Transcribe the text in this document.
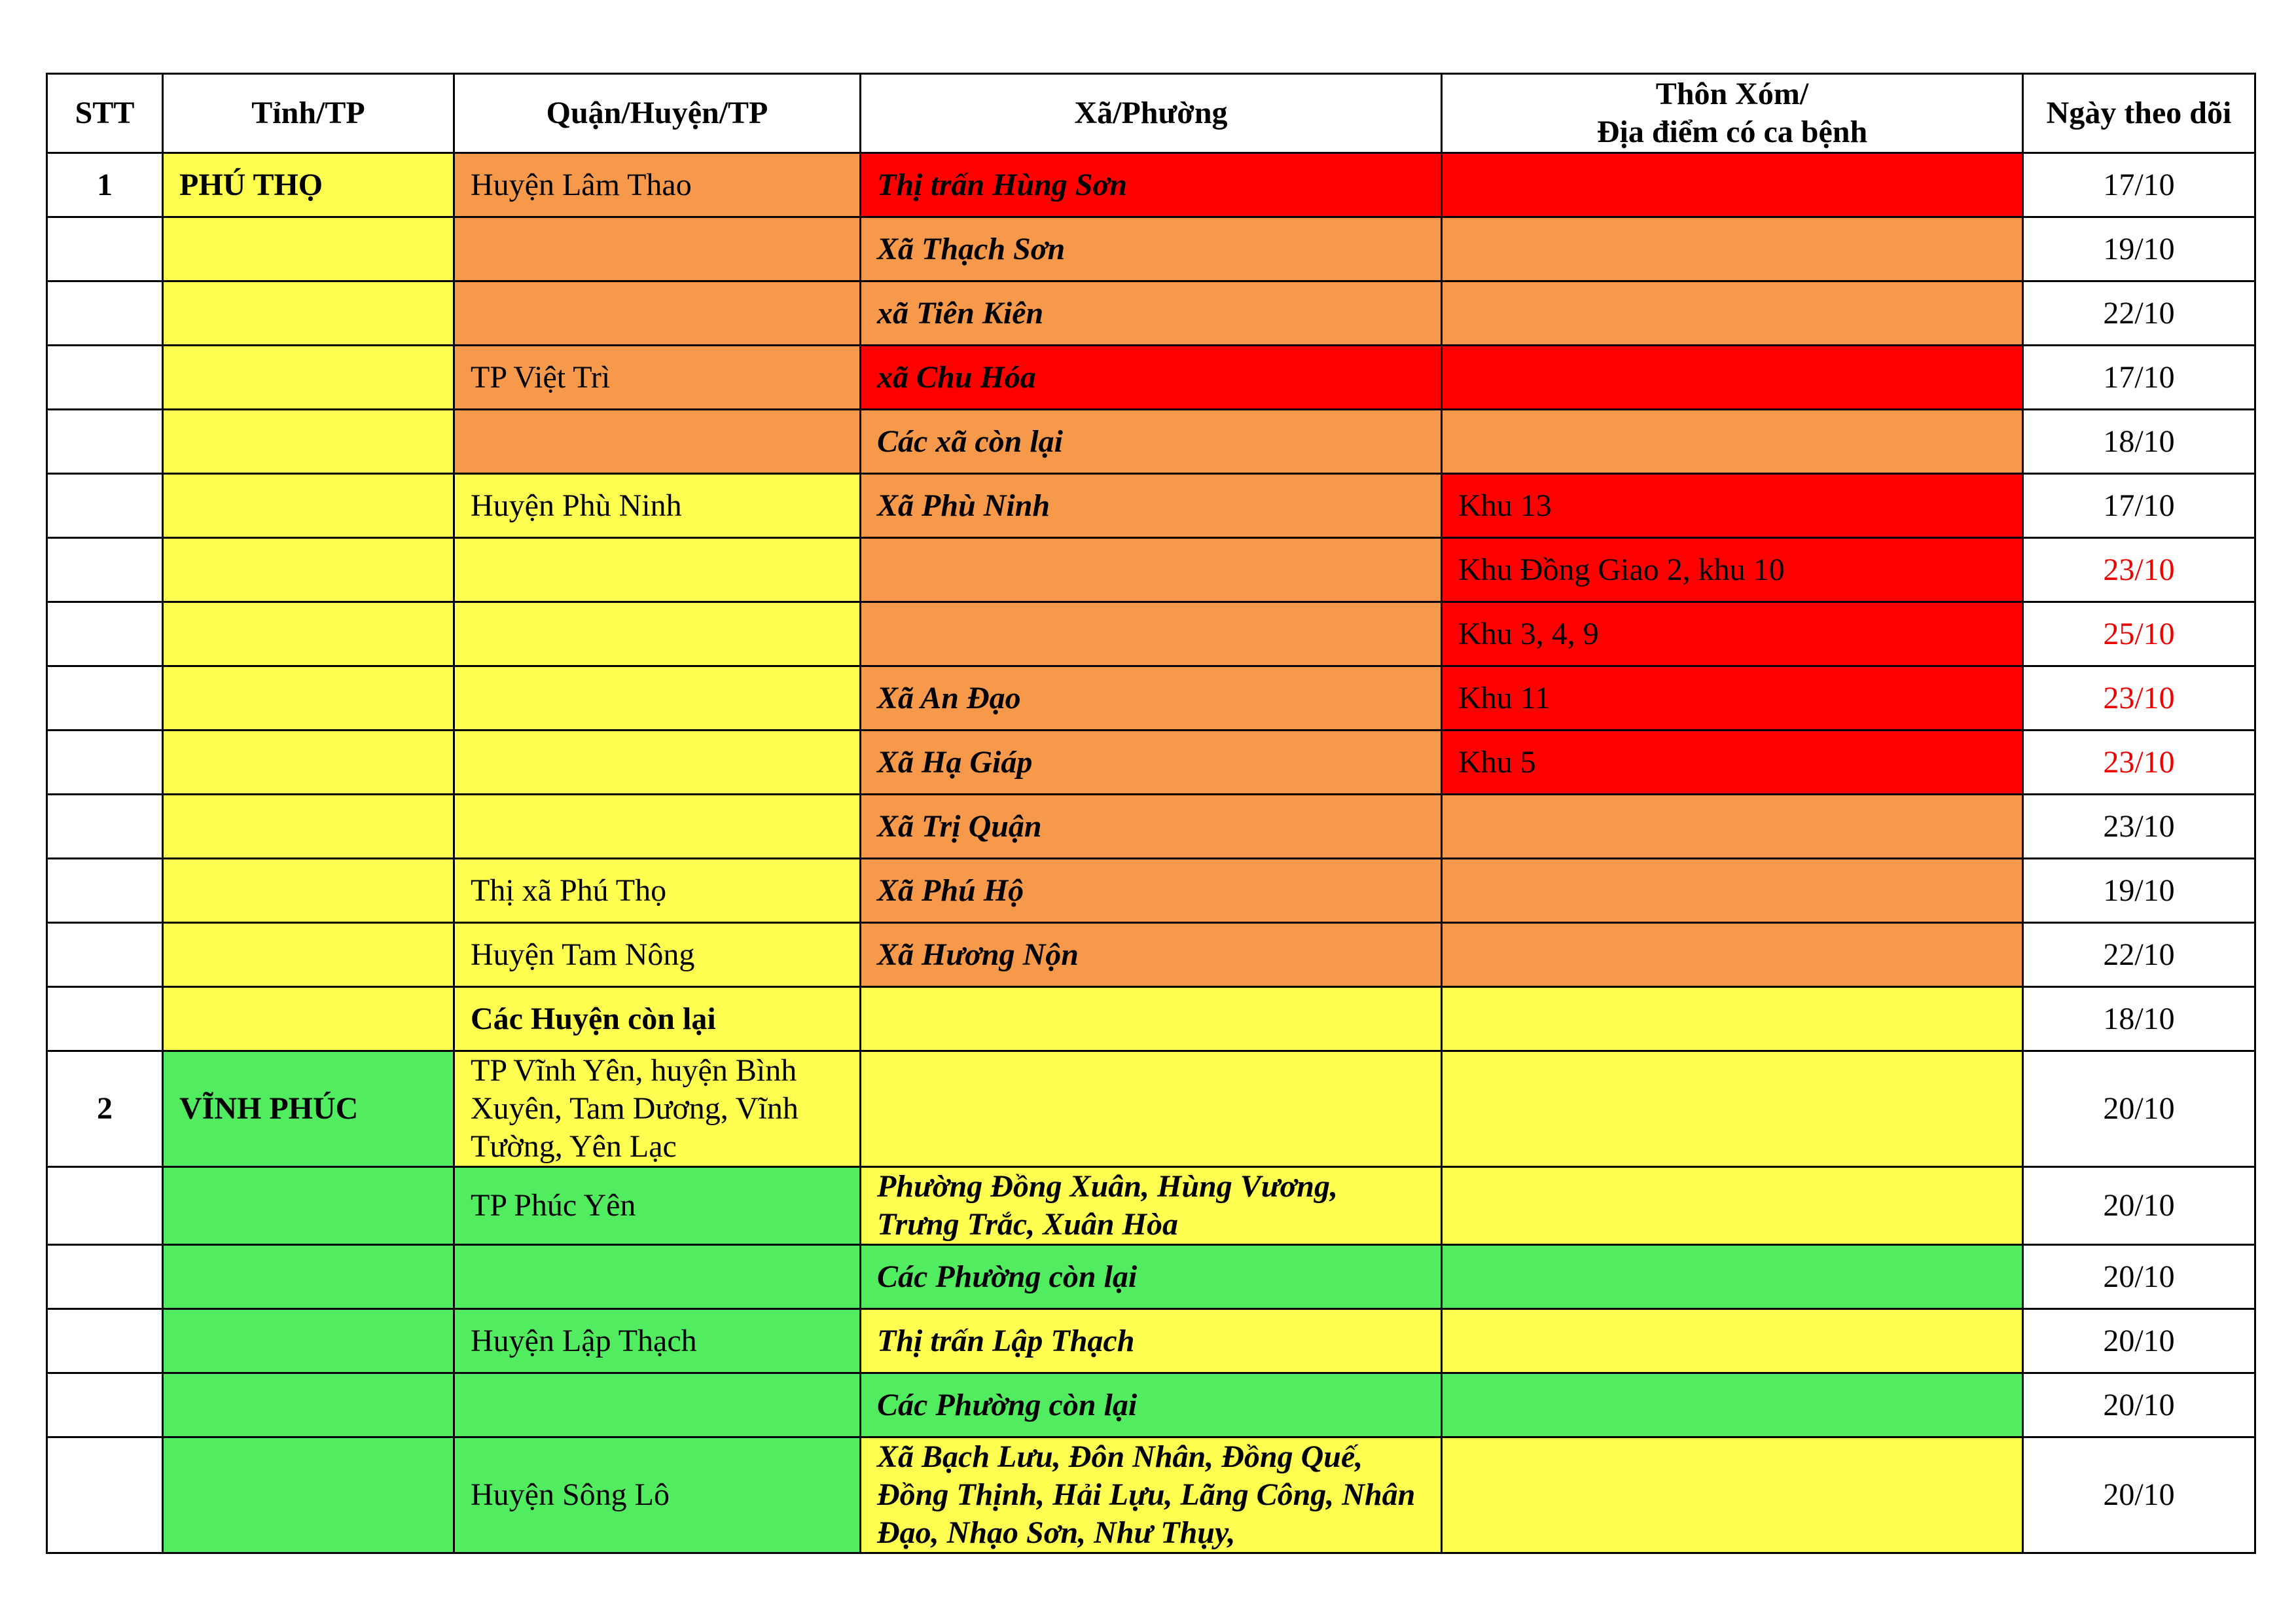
STT	Tỉnh/TP	Quận/Huyện/TP	Xã/Phường	Thôn Xóm/
Địa điểm có ca bệnh	Ngày theo dõi
1	PHÚ THỌ	Huyện Lâm Thao	Thị trấn Hùng Sơn		17/10
			Xã Thạch Sơn		19/10
			xã Tiên Kiên		22/10
		TP Việt Trì	xã Chu Hóa		17/10
			Các xã còn lại		18/10
		Huyện Phù Ninh	Xã Phù Ninh	Khu 13	17/10
				Khu Đồng Giao 2, khu 10	23/10
				Khu 3, 4, 9	25/10
			Xã An Đạo	Khu 11	23/10
			Xã Hạ Giáp	Khu 5	23/10
			Xã Trị Quận		23/10
		Thị xã Phú Thọ	Xã Phú Hộ		19/10
		Huyện Tam Nông	Xã Hương Nộn		22/10
		Các Huyện còn lại			18/10
2	VĨNH PHÚC	TP Vĩnh Yên, huyện Bình Xuyên, Tam Dương, Vĩnh Tường, Yên Lạc			20/10
		TP Phúc Yên	Phường Đồng Xuân, Hùng Vương, Trưng Trắc, Xuân Hòa		20/10
			Các Phường còn lại		20/10
		Huyện Lập Thạch	Thị trấn Lập Thạch		20/10
			Các Phường còn lại		20/10
		Huyện Sông Lô	Xã Bạch Lưu, Đôn Nhân, Đồng Quế, Đồng Thịnh, Hải Lựu, Lãng Công, Nhân Đạo, Nhạo Sơn, Như Thụy,		20/10
